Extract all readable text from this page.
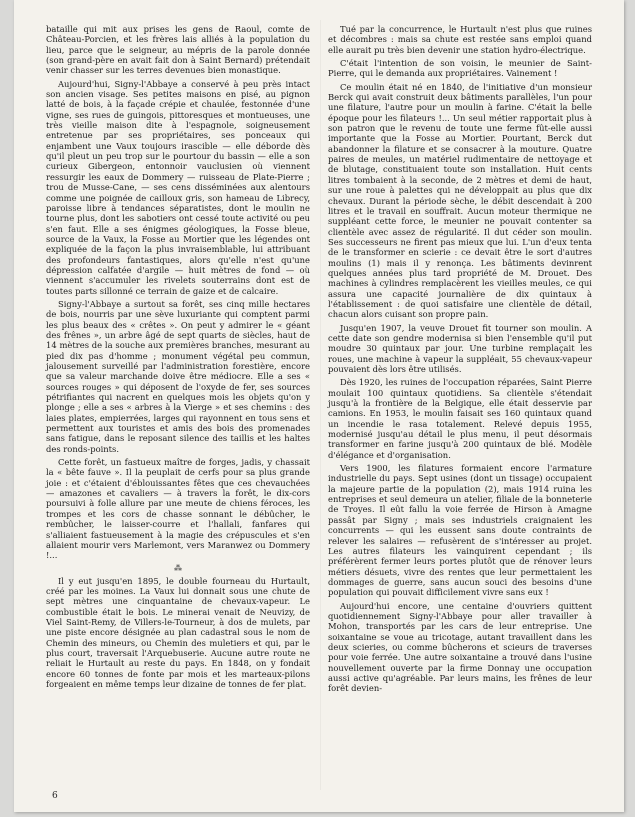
bataille qui mit aux prises les gens de Raoul, comte de Château-Porcien, et les frères lais alliés à la population du lieu, parce que le seigneur, au mépris de la parole donnée (son grand-père en avait fait don à Saint Bernard) prétendait venir chasser sur les terres devenues bien monastique.

Aujourd'hui, Signy-l'Abbaye a conservé à peu près intact son ancien visage. Ses petites maisons en pisé, au pignon latté de bois, à la façade crépie et chaulée, festonnée d'une vigne, ses rues de guingois, pittoresques et montueuses, une très vieille maison dite à l'espagnole, soigneusement entretenue par ses propriétaires, ses ponceaux qui enjambent une Vaux toujours irascible — elle déborde dès qu'il pleut un peu trop sur le pourtour du bassin — elle a son curieux Gibergeon, entonnoir vauclusien où viennent ressurgir les eaux de Dommery — ruisseau de Plate-Pierre ; trou de Musse-Cane, — ses cens disséminées aux alentours comme une poignée de cailloux gris, son hameau de Librecy, paroisse libre à tendances séparatistes, dont le moulin ne tourne plus, dont les sabotiers ont cessé toute activité ou peu s'en faut. Elle a ses énigmes géologiques, la Fosse bleue, source de la Vaux, la Fosse au Mortier que les légendes ont expliquée de la façon la plus invraisemblable, lui attribuant des profondeurs fantastiques, alors qu'elle n'est qu'une dépression calfatée d'argile — huit mètres de fond — où viennent s'accumuler les rivelets souterrains dont est de toutes parts sillonné ce terrain de gaize et de calcaire.

Signy-l'Abbaye a surtout sa forêt, ses cinq mille hectares de bois, nourris par une sève luxuriante qui comptent parmi les plus beaux des « crêtes ». On peut y admirer le « géant des frênes », un arbre âgé de sept quarts de siècles, haut de 14 mètres de la souche aux premières branches, mesurant au pied dix pas d'homme ; monument végétal peu commun, jalousement surveillé par l'administration forestière, encore que sa valeur marchande doive être médiocre. Elle a ses « sources rouges » qui déposent de l'oxyde de fer, ses sources pétrifiantes qui nacrent en quelques mois les objets qu'on y plonge ; elle a ses « arbres à la Vierge » et ses chemins : des laies plates, empierrées, larges qui rayonnent en tous sens et permettent aux touristes et amis des bois des promenades sans fatigue, dans le reposant silence des taillis et les haltes des ronds-points.

Cette forêt, un fastueux maître de forges, jadis, y chassait la « bête fauve ». Il la peuplait de cerfs pour sa plus grande joie : et c'étaient d'éblouissantes fêtes que ces chevauchées — amazones et cavaliers — à travers la forêt, le dix-cors poursuivi à folle allure par une meute de chiens féroces, les trompes et les cors de chasse sonnant le débûcher, le rembûcher, le laisser-courre et l'hallali, fanfares qui s'alliaient fastueusement à la magie des crépuscules et s'en allaient mourir vers Marlemont, vers Maranwez ou Dommery !...

⁂

Il y eut jusqu'en 1895, le double fourneau du Hurtault, créé par les moines. La Vaux lui donnait sous une chute de sept mètres une cinquantaine de chevaux-vapeur. Le combustible était le bois. Le minerai venait de Neuvizy, de Viel Saint-Remy, de Villers-le-Tourneur, à dos de mulets, par une piste encore désignée au plan cadastral sous le nom de Chemin des mineurs, ou Chemin des muletiers et qui, par le plus court, traversait l'Arquebuserie. Aucune autre route ne reliait le Hurtault au reste du pays. En 1848, on y fondait encore 60 tonnes de fonte par mois et les marteaux-pilons forgeaient en même temps leur dizaine de tonnes de fer plat.

Tué par la concurrence, le Hurtault n'est plus que ruines et décombres : mais sa chute est restée sans emploi quand elle aurait pu très bien devenir une station hydro-électrique.

C'était l'intention de son voisin, le meunier de Saint-Pierre, qui le demanda aux propriétaires. Vainement !

Ce moulin était né en 1840, de l'initiative d'un monsieur Berck qui avait construit deux bâtiments parallèles, l'un pour une filature, l'autre pour un moulin à farine. C'était la belle époque pour les filateurs !... Un seul métier rapportait plus à son patron que le revenu de toute une ferme fût-elle aussi importante que la Fosse au Mortier. Pourtant, Berck dut abandonner la filature et se consacrer à la mouture. Quatre paires de meules, un matériel rudimentaire de nettoyage et de blutage, constituaient toute son installation. Huit cents litres tombaient à la seconde, de 2 mètres et demi de haut, sur une roue à palettes qui ne développait au plus que dix chevaux. Durant la période sèche, le débit descendait à 200 litres et le travail en souffrait. Aucun moteur thermique ne suppléant cette force, le meunier ne pouvait contenter sa clientèle avec assez de régularité. Il dut céder son moulin. Ses successeurs ne firent pas mieux que lui. L'un d'eux tenta de le transformer en scierie : ce devait être le sort d'autres moulins (1) mais il y renonça. Les bâtiments devinrent quelques années plus tard propriété de M. Drouet. Des machines à cylindres remplacèrent les vieilles meules, ce qui assura une capacité journalière de dix quintaux à l'établissement : de quoi satisfaire une clientèle de détail, chacun alors cuisant son propre pain.

Jusqu'en 1907, la veuve Drouet fit tourner son moulin. A cette date son gendre modernisa si bien l'ensemble qu'il put moudre 30 quintaux par jour. Une turbine remplaçait les roues, une machine à vapeur la suppléait, 55 chevaux-vapeur pouvaient dès lors être utilisés.

Dès 1920, les ruines de l'occupation réparées, Saint Pierre moulait 100 quintaux quotidiens. Sa clientèle s'étendait jusqu'à la frontière de la Belgique, elle était desservie par camions. En 1953, le moulin faisait ses 160 quintaux quand un incendie le rasa totalement. Relevé depuis 1955, modernisé jusqu'au détail le plus menu, il peut désormais transformer en farine jusqu'à 200 quintaux de blé. Modèle d'élégance et d'organisation.

Vers 1900, les filatures formaient encore l'armature industrielle du pays. Sept usines (dont un tissage) occupaient la majeure partie de la population (2), mais 1914 ruina les entreprises et seul demeura un atelier, filiale de la bonneterie de Troyes. Il eût fallu la voie ferrée de Hirson à Amagne passât par Signy ; mais ses industriels craignaient les concurrents — qui les eussent sans doute contraints de relever les salaires — refusèrent de s'intéresser au projet. Les autres filateurs les vainquirent cependant ; ils préférèrent fermer leurs portes plutôt que de rénover leurs métiers désuets, vivre des rentes que leur permettaient les dommages de guerre, sans aucun souci des besoins d'une population qui pouvait difficilement vivre sans eux !

Aujourd'hui encore, une centaine d'ouvriers quittent quotidiennement Signy-l'Abbaye pour aller travailler à Mohon, transportés par les cars de leur entreprise. Une soixantaine se voue au tricotage, autant travaillent dans les deux scieries, ou comme bûcherons et scieurs de traverses pour voie ferrée. Une autre soixantaine a trouvé dans l'usine nouvellement ouverte par la firme Donnay une occupation aussi active qu'agréable. Par leurs mains, les frênes de leur forêt devien-

6
